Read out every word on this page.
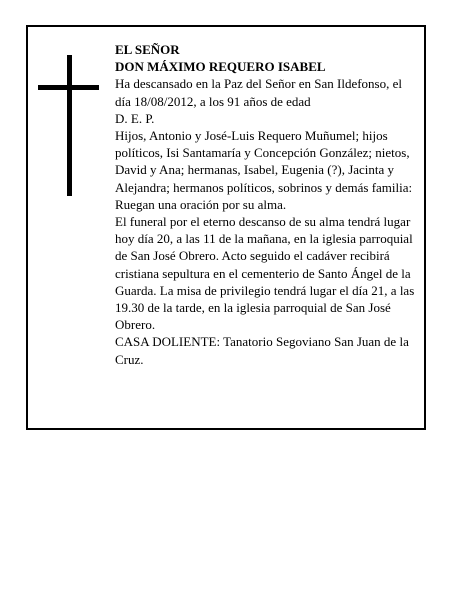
EL SEÑOR

DON MÁXIMO REQUERO ISABEL

Ha descansado en la Paz del Señor en San Ildefonso, el día 18/08/2012, a los 91 años de edad

D. E. P.

Hijos, Antonio y José-Luis Requero Muñumel; hijos políticos, Isi Santamaría y Concepción González; nietos, David y Ana; hermanas, Isabel, Eugenia (?), Jacinta y Alejandra; hermanos políticos, sobrinos y demás familia:

Ruegan una oración por su alma.

El funeral por el eterno descanso de su alma tendrá lugar hoy día 20, a las 11 de la mañana, en la iglesia parroquial de San José Obrero. Acto seguido el cadáver recibirá cristiana sepultura en el cementerio de Santo Ángel de la Guarda. La misa de privilegio tendrá lugar el día 21, a las 19.30 de la tarde, en la iglesia parroquial de San José Obrero.

CASA DOLIENTE: Tanatorio Segoviano San Juan de la Cruz.
